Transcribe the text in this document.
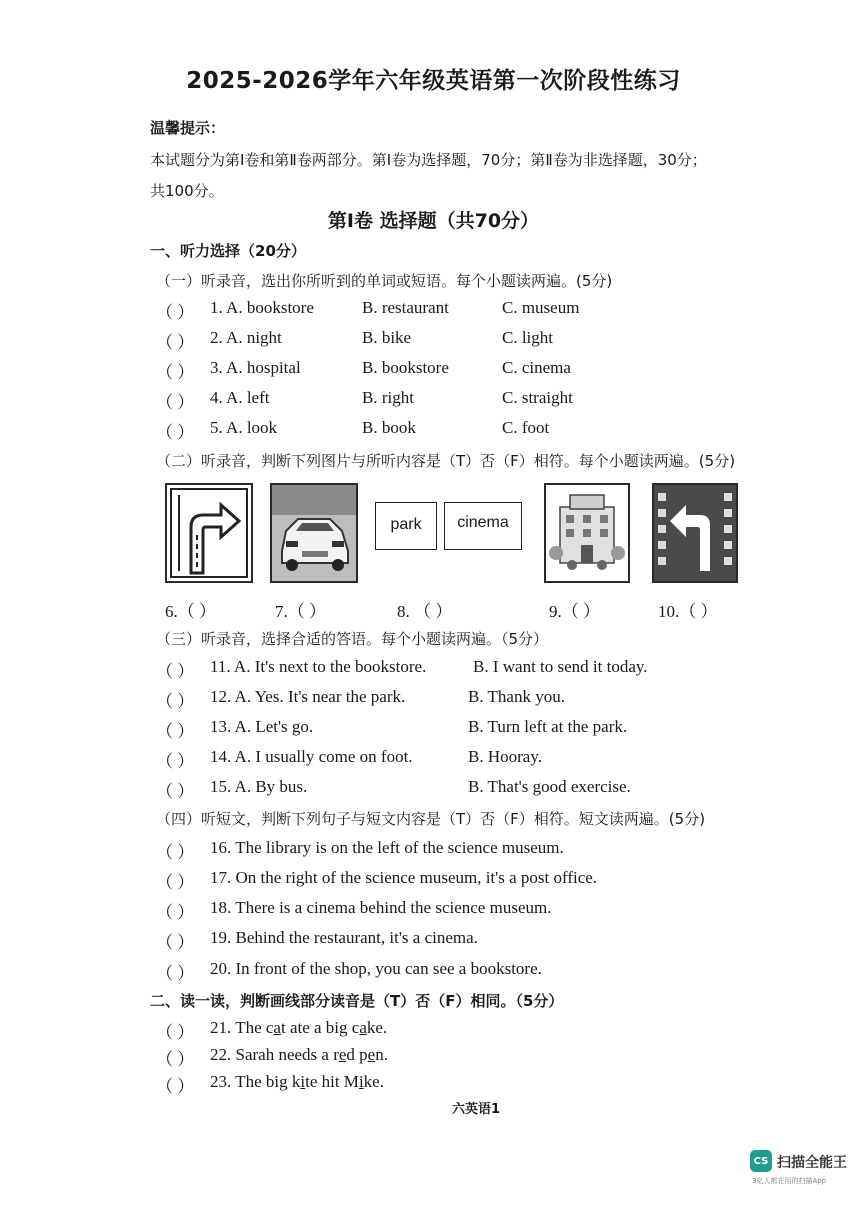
2025-2026学年六年级英语第一次阶段性练习
温馨提示：
本试题分为第Ⅰ卷和第Ⅱ卷两部分。第Ⅰ卷为选择题，70分；第Ⅱ卷为非选择题，30分；
共100分。
第Ⅰ卷 选择题（共70分）
一、听力选择（20分）
（一）听录音，选出你所听到的单词或短语。每个小题读两遍。(5分)
（ ） 1. A. bookstore	B. restaurant	C. museum
（ ） 2. A. night	B. bike	C. light
（ ） 3. A. hospital	B. bookstore	C. cinema
（ ） 4. A. left	B. right	C. straight
（ ） 5. A. look	B. book	C. foot
（二）听录音，判断下列图片与所听内容是（T）否（F）相符。每个小题读两遍。(5分)
park	cinema
6.（ ）	7.（ ）	8. （ ）	9.（ ）	10.（ ）
（三）听录音，选择合适的答语。每个小题读两遍。（5分）
（ ） 11. A. It's next to the bookstore.	B. I want to send it today.
（ ） 12. A. Yes. It's near the park.	B. Thank you.
（ ） 13. A. Let's go.	B. Turn left at the park.
（ ） 14. A. I usually come on foot.	B. Hooray.
（ ） 15. A. By bus.	B. That's good exercise.
（四）听短文，判断下列句子与短文内容是（T）否（F）相符。短文读两遍。(5分)
（ ） 16. The library is on the left of the science museum.
（ ） 17. On the right of the science museum, it's a post office.
（ ） 18. There is a cinema behind the science museum.
（ ） 19. Behind the restaurant, it's a cinema.
（ ） 20. In front of the shop, you can see a bookstore.
二、读一读，判断画线部分读音是（T）否（F）相同。（5分）
（ ） 21. The cat ate a big cake.
（ ） 22. Sarah needs a red pen.
（ ） 23. The big kite hit Mike.
六英语1
CS 扫描全能王
3亿人都在用的扫描App
